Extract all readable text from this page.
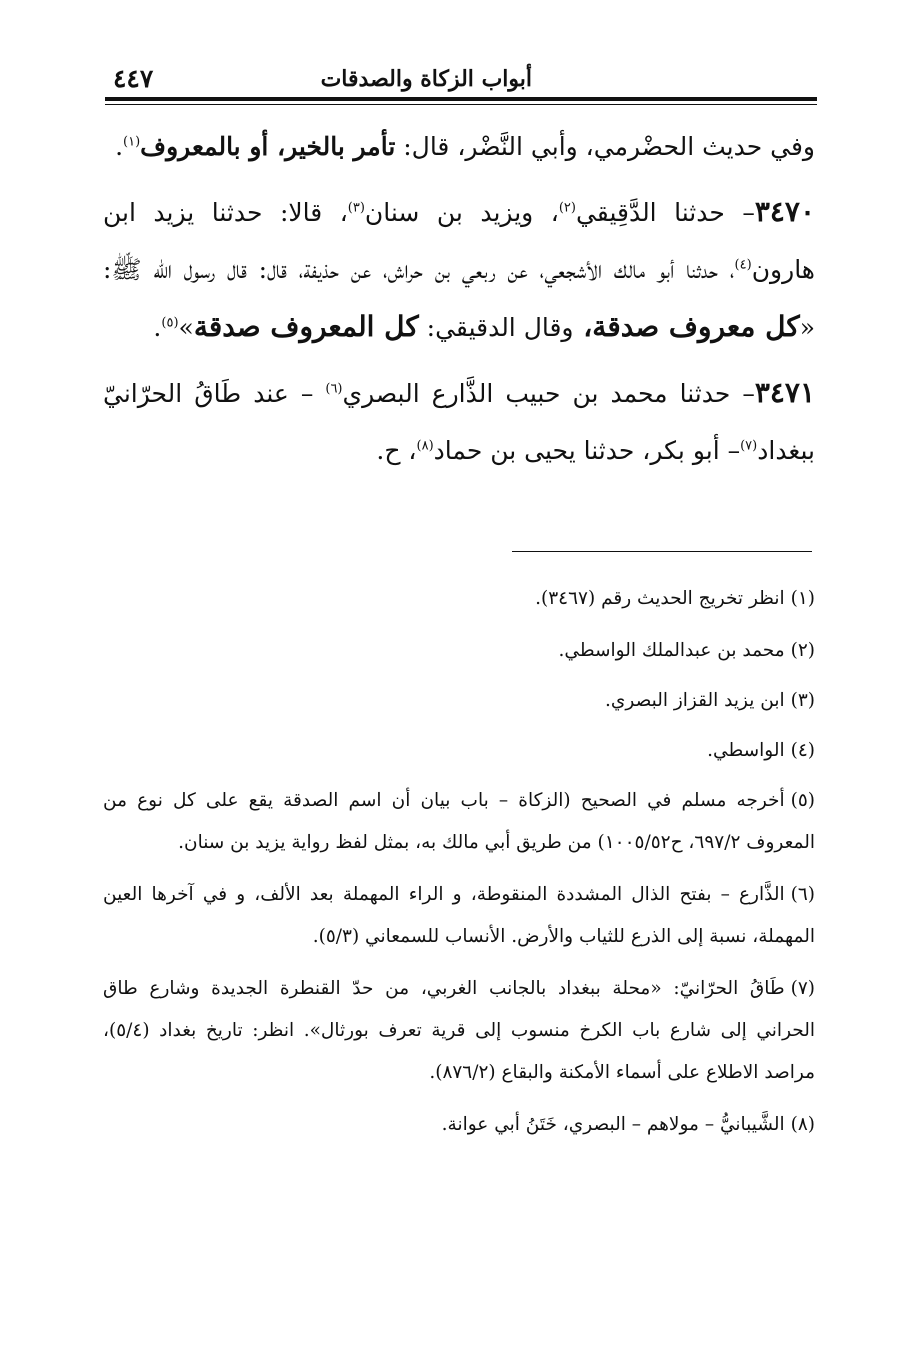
أبواب الزكاة والصدقات
٤٤٧

وفي حديث الحضْرمي، وأبي النَّضْر، قال: تأمر بالخير، أو بالمعروف$^{(١)}$.

٣٤٧٠– حدثنا الدَّقِيقي$^{(٢)}$، ويزيد بن سنان$^{(٣)}$، قالا: حدثنا يزيد ابن هارون$^{(٤)}$، حدثنا أبو مالك الأشجعي، عن ربعي بن حراش، عن حذيفة، قال: قال رسول الله ﷺ: «كل معروف صدقة، وقال الدقيقي: كل المعروف صدقة»$^{(٥)}$.

٣٤٧١– حدثنا محمد بن حبيب الذَّارع البصري$^{(٦)}$ – عند طَاقُ الحرّانيّ ببغداد$^{(٧)}$– أبو بكر، حدثنا يحيى بن حماد$^{(٨)}$، ح.

(١)انظر تخريج الحديث رقم (٣٤٦٧).

(٢)محمد بن عبدالملك الواسطي.

(٣)ابن يزيد القزاز البصري.

(٤)الواسطي.

(٥)أخرجه مسلم في الصحيح (الزكاة – باب بيان أن اسم الصدقة يقع على كل نوع من المعروف ٦٩٧/٢، ح١٠٠٥/٥٢) من طريق أبي مالك به، بمثل لفظ رواية يزيد بن سنان.

(٦)الذَّارع – بفتح الذال المشددة المنقوطة، و الراء المهملة بعد الألف، و في آخرها العين المهملة، نسبة إلى الذرع للثياب والأرض. الأنساب للسمعاني (٥/٣).

(٧)طَاقُ الحرّانيّ: «محلة ببغداد بالجانب الغربي، من حدّ القنطرة الجديدة وشارع طاق الحراني إلى شارع باب الكرخ منسوب إلى قرية تعرف بورثال». انظر: تاريخ بغداد (٥/٤)، مراصد الاطلاع على أسماء الأمكنة والبقاع (٨٧٦/٢).

(٨)الشَّيبانيُّ – مولاهم – البصري، خَتَنُ أبي عوانة.
